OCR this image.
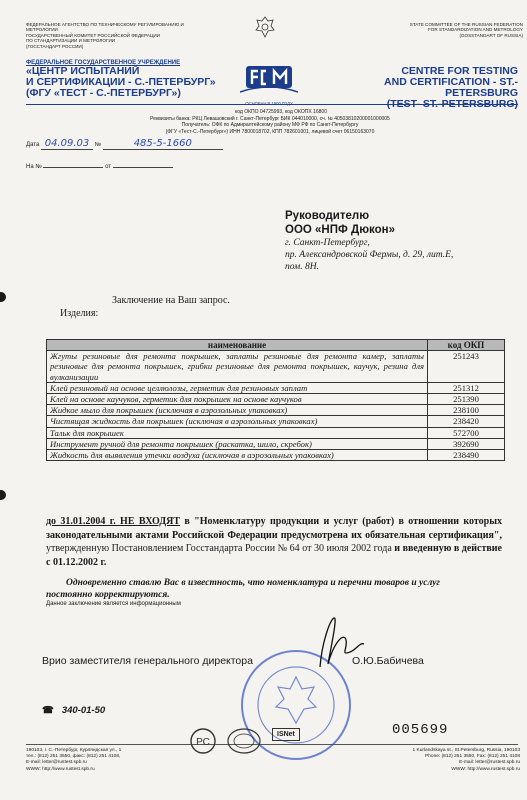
ФЕДЕРАЛЬНОЕ АГЕНТСТВО ПО ТЕХНИЧЕСКОМУ РЕГУЛИРОВАНИЮ И МЕТРОЛОГИИ
ГОСУДАРСТВЕННЫЙ КОМИТЕТ РОССИЙСКОЙ ФЕДЕРАЦИИ
ПО СТАНДАРТИЗАЦИИ И МЕТРОЛОГИИ
(ГОССТАНДАРТ РОССИИ)
STATE COMMITTEE OF THE RUSSIAN FEDERATION
FOR STANDARDIZATION AND METROLOGY
(GOSSTANDART OF RUSSIA)
ФЕДЕРАЛЬНОЕ ГОСУДАРСТВЕННОЕ УЧРЕЖДЕНИЕ
«ЦЕНТР ИСПЫТАНИЙ
И СЕРТИФИКАЦИИ - С.-ПЕТЕРБУРГ»
(ФГУ «ТЕСТ - С.-ПЕТЕРБУРГ»)
ОСНОВАН В 1900 ГОДУ
CENTRE FOR TESTING
AND CERTIFICATION - ST.-PETERSBURG
(TEST- ST.-PETERSBURG)
код ОКПО 04725993, код ОКОПХ 16800
Реквизиты банка: РКЦ Левашовский г. Санкт-Петербург БИК 044010000, сч. № 40503810200001000005
Получатель: ОФК по Адмиралтейскому району МФ РФ по Санкт-Петербургу
(ФГУ «Тест-С.-Петербург») ИНН 7800018702, КПП 782601001, лицевой счет 06150163070
Дата 04.09.03 №	485-5-1660
На №	от
Руководителю
ООО «НПФ Дюкон»
г. Санкт-Петербург,
пр. Александровской Фермы, д. 29, лит.Е,
пом. 8Н.
Заключение на Ваш запрос.
Изделия:
наименование	код ОКП
Жгуты резиновые для ремонта покрышек, заплаты резиновые для ремонта камер, заплаты резиновые для ремонта покрышек, грибки резиновые для ремонта покрышек, каучук, резина для вулканизации	251243
Клей резиновый на основе целлюлозы, герметик для резиновых заплат	251312
Клей на основе каучуков, герметик для покрышек на основе каучуков	251390
Жидкое мыло для покрышек (исключая в аэрозольных упаковках)	238100
Чистящая жидкость для покрышек (исключая в аэрозольных упаковках)	238420
Тальк для покрышек	572700
Инструмент ручной для ремонта покрышек (раскатка, шило, скребок)	392690
Жидкость для выявления утечки воздуха (исключая в аэрозольных упаковках)	238490
до 31.01.2004 г. НЕ ВХОДЯТ в "Номенклатуру продукции и услуг (работ) в отношении которых законодательными актами Российской Федерации предусмотрена их обязательная сертификация", утвержденную Постановлением Госстандарта России № 64 от 30 июля 2002 года и введенную в действие с 01.12.2002 г.
Одновременно ставлю Вас в известность, что номенклатура и перечни товаров и услуг постоянно корректируются.
Данное заключение является информационным
Врио заместителя генерального директора	О.Ю.Бабичева
☎ 340-01-50
005699
190103, г. С.-Петербург, Курляндская ул., 1
тел.: (812) 251 3550, факс: (812) 251 4108,
E-mail: letter@rustest.spb.ru
WWW: http://www.rustest.spb.ru
РС
ISNet
1 Kurlandskaya st., St.Petersburg, Russia, 190103
Phone: (812) 251 3550, Fax: (812) 251 4108
E-mail: letter@rustest.spb.ru
WWW: http://www.rustest.spb.ru
